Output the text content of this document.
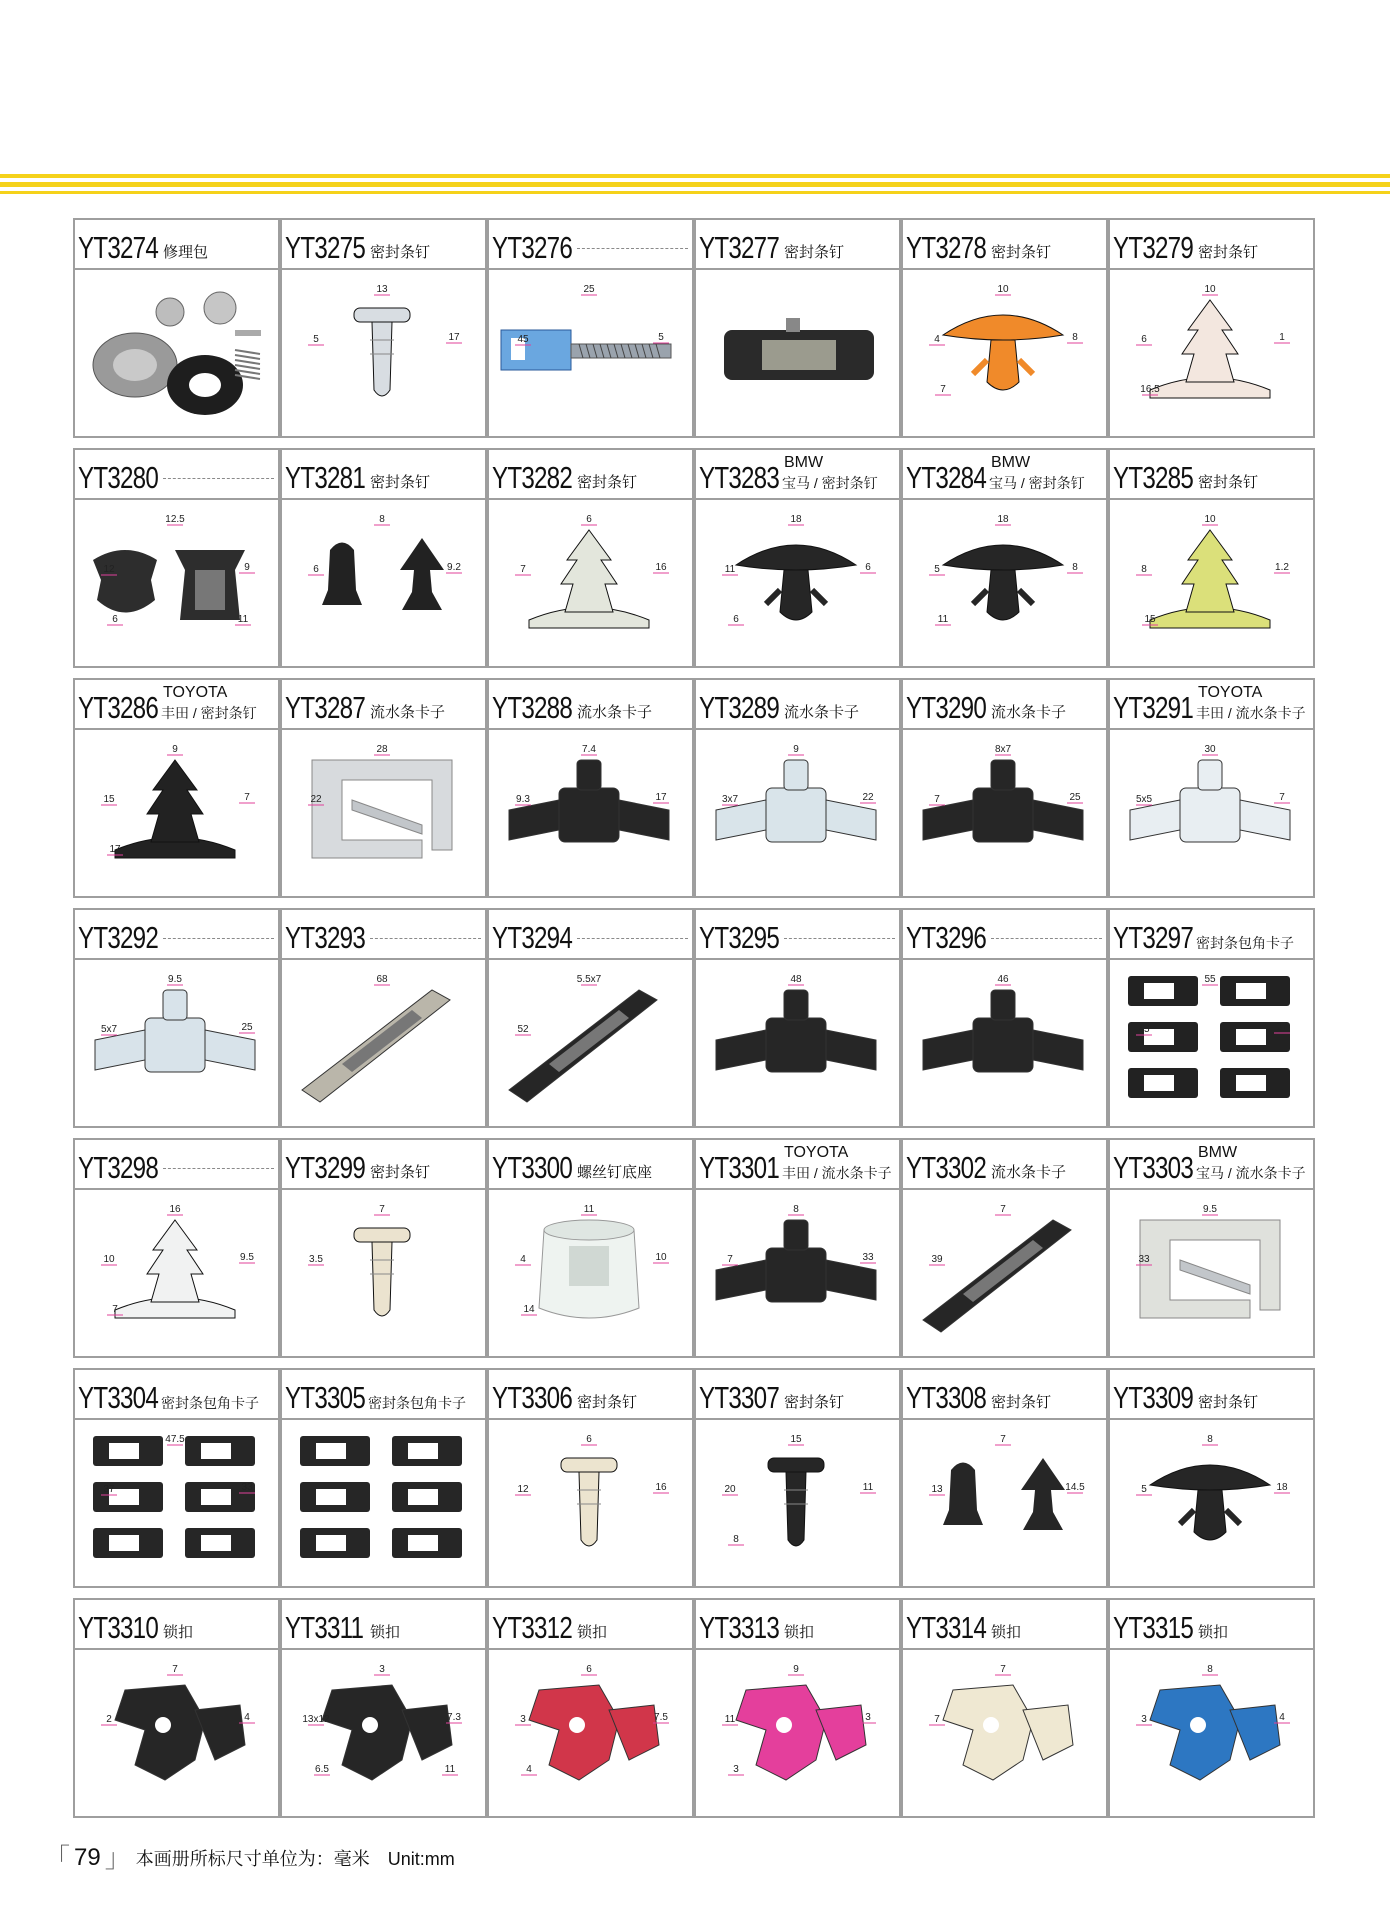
YT3274 修理包 YT3275 密封条钉
13
5	17
YT3276
25
45	5
YT3277 密封条钉 YT3278 密封条钉
10
4	8
7
YT3279 密封条钉
10
6	1
16.5
YT3280
12.5
12	9
6	11
YT3281 密封条钉
8
6	9.2
YT3282 密封条钉
6
7	16
YT3283 BMW
宝马 / 密封条钉
18
11	6
6
YT3284 BMW
宝马 / 密封条钉
18
5	8
11
YT3285 密封条钉
10
8	1.2
15
YT3286 TOYOTA
丰田 / 密封条钉
9
15	7
17
YT3287 流水条卡子
28
22
YT3288 流水条卡子
7.4
9.3	17
YT3289 流水条卡子
9
3x7	22
YT3290 流水条卡子
8x7
7	25
YT3291 TOYOTA
丰田 / 流水条卡子
30
5x5	7
YT3292
9.5
5x7	25
YT3293
68
YT3294
5.5x7
52
YT3295
48
YT3296
46
YT3297 密封条包角卡子
55
45	37
YT3298
16
10	9.5
7
YT3299 密封条钉
7
3.5
YT3300 螺丝钉底座
11
4	10
14
YT3301 TOYOTA
丰田 / 流水条卡子
8
7	33
YT3302 流水条卡子
7
39
YT3303 BMW
宝马 / 流水条卡子
9.5
33
YT3304 密封条包角卡子
47.5
37	33
YT3305 密封条包角卡子 YT3306 密封条钉
6
12	16
YT3307 密封条钉
15
20	11
8
YT3308 密封条钉
7
13	14.5
YT3309 密封条钉
8
5	18
YT3310 锁扣
7
2	4
YT3311 锁扣
3
13x12	7.3
6.5	11
YT3312 锁扣
6
3	7.5
4
YT3313 锁扣
9
11	3
3
YT3314 锁扣
7
7
YT3315 锁扣
8
3	4
「 79 」 本画册所标尺寸单位为：毫米　Unit:mm
